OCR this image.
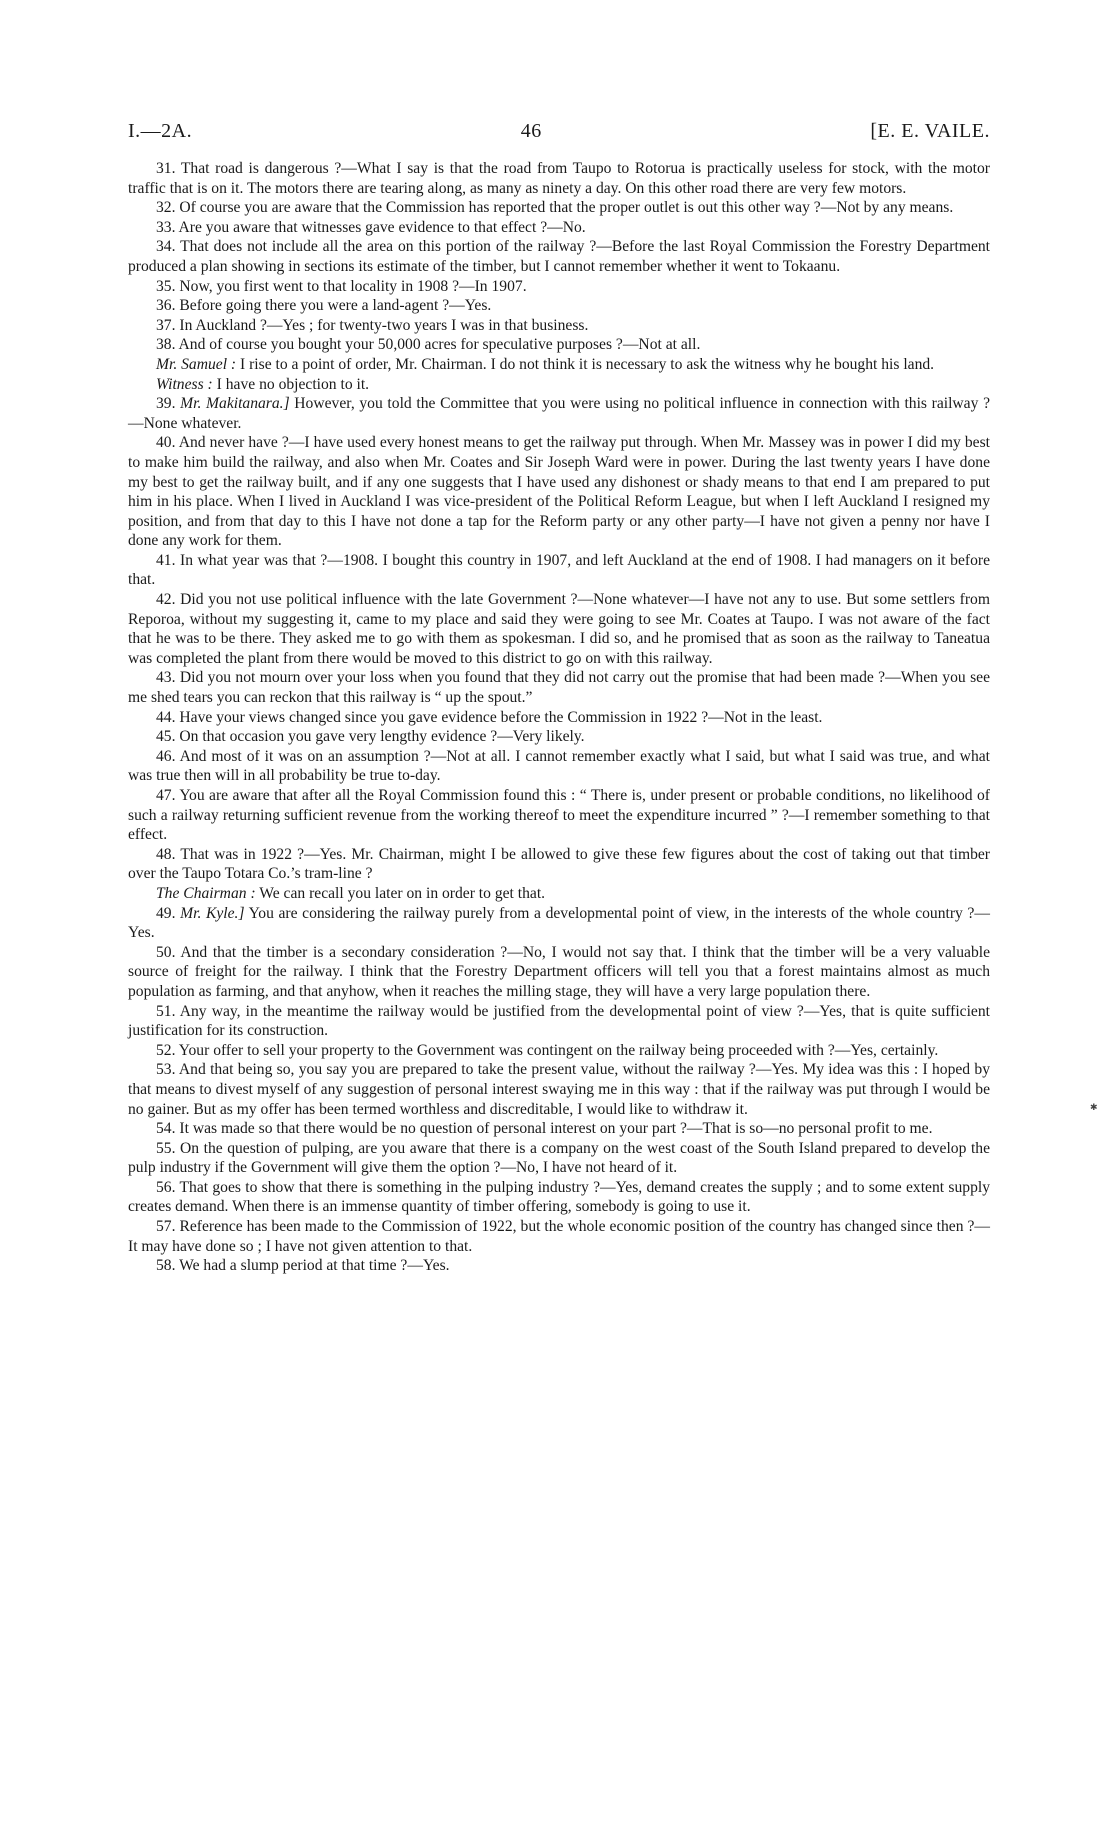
I.—2A.	46	[E. E. VAILE.

31. That road is dangerous ?—What I say is that the road from Taupo to Rotorua is practically useless for stock, with the motor traffic that is on it. The motors there are tearing along, as many as ninety a day. On this other road there are very few motors.

32. Of course you are aware that the Commission has reported that the proper outlet is out this other way ?—Not by any means.

33. Are you aware that witnesses gave evidence to that effect ?—No.

34. That does not include all the area on this portion of the railway ?—Before the last Royal Commission the Forestry Department produced a plan showing in sections its estimate of the timber, but I cannot remember whether it went to Tokaanu.

35. Now, you first went to that locality in 1908 ?—In 1907.

36. Before going there you were a land-agent ?—Yes.

37. In Auckland ?—Yes ; for twenty-two years I was in that business.

38. And of course you bought your 50,000 acres for speculative purposes ?—Not at all.

Mr. Samuel : I rise to a point of order, Mr. Chairman. I do not think it is necessary to ask the witness why he bought his land.

Witness : I have no objection to it.

39. Mr. Makitanara.] However, you told the Committee that you were using no political influence in connection with this railway ?—None whatever.

40. And never have ?—I have used every honest means to get the railway put through. When Mr. Massey was in power I did my best to make him build the railway, and also when Mr. Coates and Sir Joseph Ward were in power. During the last twenty years I have done my best to get the railway built, and if any one suggests that I have used any dishonest or shady means to that end I am prepared to put him in his place. When I lived in Auckland I was vice-president of the Political Reform League, but when I left Auckland I resigned my position, and from that day to this I have not done a tap for the Reform party or any other party—I have not given a penny nor have I done any work for them.

41. In what year was that ?—1908. I bought this country in 1907, and left Auckland at the end of 1908. I had managers on it before that.

42. Did you not use political influence with the late Government ?—None whatever—I have not any to use. But some settlers from Reporoa, without my suggesting it, came to my place and said they were going to see Mr. Coates at Taupo. I was not aware of the fact that he was to be there. They asked me to go with them as spokesman. I did so, and he promised that as soon as the railway to Taneatua was completed the plant from there would be moved to this district to go on with this railway.

43. Did you not mourn over your loss when you found that they did not carry out the promise that had been made ?—When you see me shed tears you can reckon that this railway is “ up the spout.”

44. Have your views changed since you gave evidence before the Commission in 1922 ?—Not in the least.

45. On that occasion you gave very lengthy evidence ?—Very likely.

46. And most of it was on an assumption ?—Not at all. I cannot remember exactly what I said, but what I said was true, and what was true then will in all probability be true to-day.

47. You are aware that after all the Royal Commission found this : “ There is, under present or probable conditions, no likelihood of such a railway returning sufficient revenue from the working thereof to meet the expenditure incurred ” ?—I remember something to that effect.

48. That was in 1922 ?—Yes. Mr. Chairman, might I be allowed to give these few figures about the cost of taking out that timber over the Taupo Totara Co.’s tram-line ?

The Chairman : We can recall you later on in order to get that.

49. Mr. Kyle.] You are considering the railway purely from a developmental point of view, in the interests of the whole country ?—Yes.

50. And that the timber is a secondary consideration ?—No, I would not say that. I think that the timber will be a very valuable source of freight for the railway. I think that the Forestry Department officers will tell you that a forest maintains almost as much population as farming, and that anyhow, when it reaches the milling stage, they will have a very large population there.

51. Any way, in the meantime the railway would be justified from the developmental point of view ?—Yes, that is quite sufficient justification for its construction.

52. Your offer to sell your property to the Government was contingent on the railway being proceeded with ?—Yes, certainly.

53. And that being so, you say you are prepared to take the present value, without the railway ?—Yes. My idea was this : I hoped by that means to divest myself of any suggestion of personal interest swaying me in this way : that if the railway was put through I would be no gainer. But as my offer has been termed worthless and discreditable, I would like to withdraw it.

54. It was made so that there would be no question of personal interest on your part ?—That is so—no personal profit to me.

55. On the question of pulping, are you aware that there is a company on the west coast of the South Island prepared to develop the pulp industry if the Government will give them the option ?—No, I have not heard of it.

56. That goes to show that there is something in the pulping industry ?—Yes, demand creates the supply ; and to some extent supply creates demand. When there is an immense quantity of timber offering, somebody is going to use it.

57. Reference has been made to the Commission of 1922, but the whole economic position of the country has changed since then ?—It may have done so ; I have not given attention to that.

58. We had a slump period at that time ?—Yes.

✱
